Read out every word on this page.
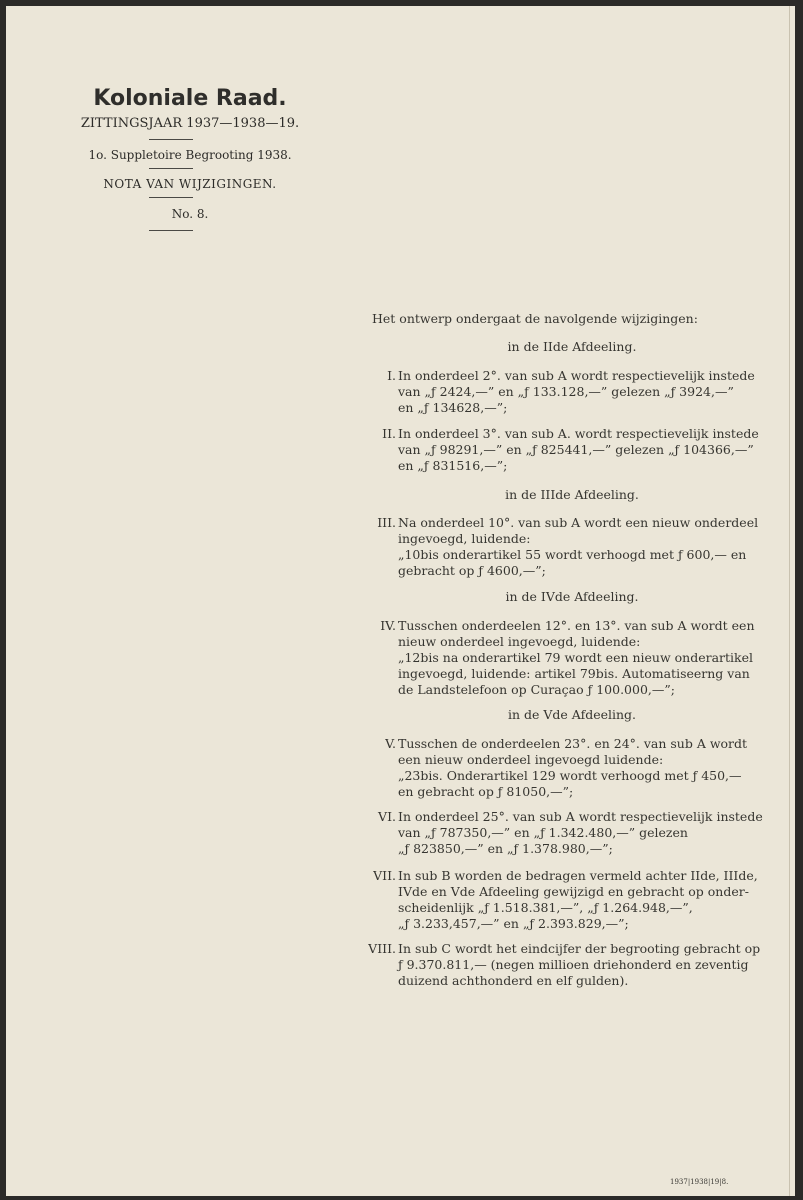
Koloniale Raad.
ZITTINGSJAAR 1937—1938—19.
1o. Suppletoire Begrooting 1938.
NOTA VAN WIJZIGINGEN.
No. 8.
Het ontwerp ondergaat de navolgende wijzigingen:
in de IIde Afdeeling.
I. In onderdeel 2°. van sub A wordt respectievelijk instede
van „ƒ 2424,—” en „ƒ 133.128,—” gelezen „ƒ 3924,—”
en „ƒ 134628,—”;
II. In onderdeel 3°. van sub A. wordt respectievelijk instede
van „ƒ 98291,—” en „ƒ 825441,—” gelezen „ƒ 104366,—”
en „ƒ 831516,—”;
in de IIIde Afdeeling.
III. Na onderdeel 10°. van sub A wordt een nieuw onderdeel
ingevoegd, luidende:
„10bis onderartikel 55 wordt verhoogd met ƒ 600,— en
gebracht op ƒ 4600,—”;
in de IVde Afdeeling.
IV. Tusschen onderdeelen 12°. en 13°. van sub A wordt een
nieuw onderdeel ingevoegd, luidende:
„12bis na onderartikel 79 wordt een nieuw onderartikel
ingevoegd, luidende: artikel 79bis. Automatiseerng van
de Landstelefoon op Curaçao ƒ 100.000,—”;
in de Vde Afdeeling.
V. Tusschen de onderdeelen 23°. en 24°. van sub A wordt
een nieuw onderdeel ingevoegd luidende:
„23bis. Onderartikel 129 wordt verhoogd met ƒ 450,—
en gebracht op ƒ 81050,—”;
VI. In onderdeel 25°. van sub A wordt respectievelijk instede
van „ƒ 787350,—” en „ƒ 1.342.480,—” gelezen
„ƒ 823850,—” en „ƒ 1.378.980,—”;
VII. In sub B worden de bedragen vermeld achter IIde, IIIde,
IVde en Vde Afdeeling gewijzigd en gebracht op onder-
scheidenlijk „ƒ 1.518.381,—”, „ƒ 1.264.948,—”,
„ƒ 3.233,457,—” en „ƒ 2.393.829,—”;
VIII. In sub C wordt het eindcijfer der begrooting gebracht op
ƒ 9.370.811,— (negen millioen driehonderd en zeventig
duizend achthonderd en elf gulden).
1937|1938|19|8.
